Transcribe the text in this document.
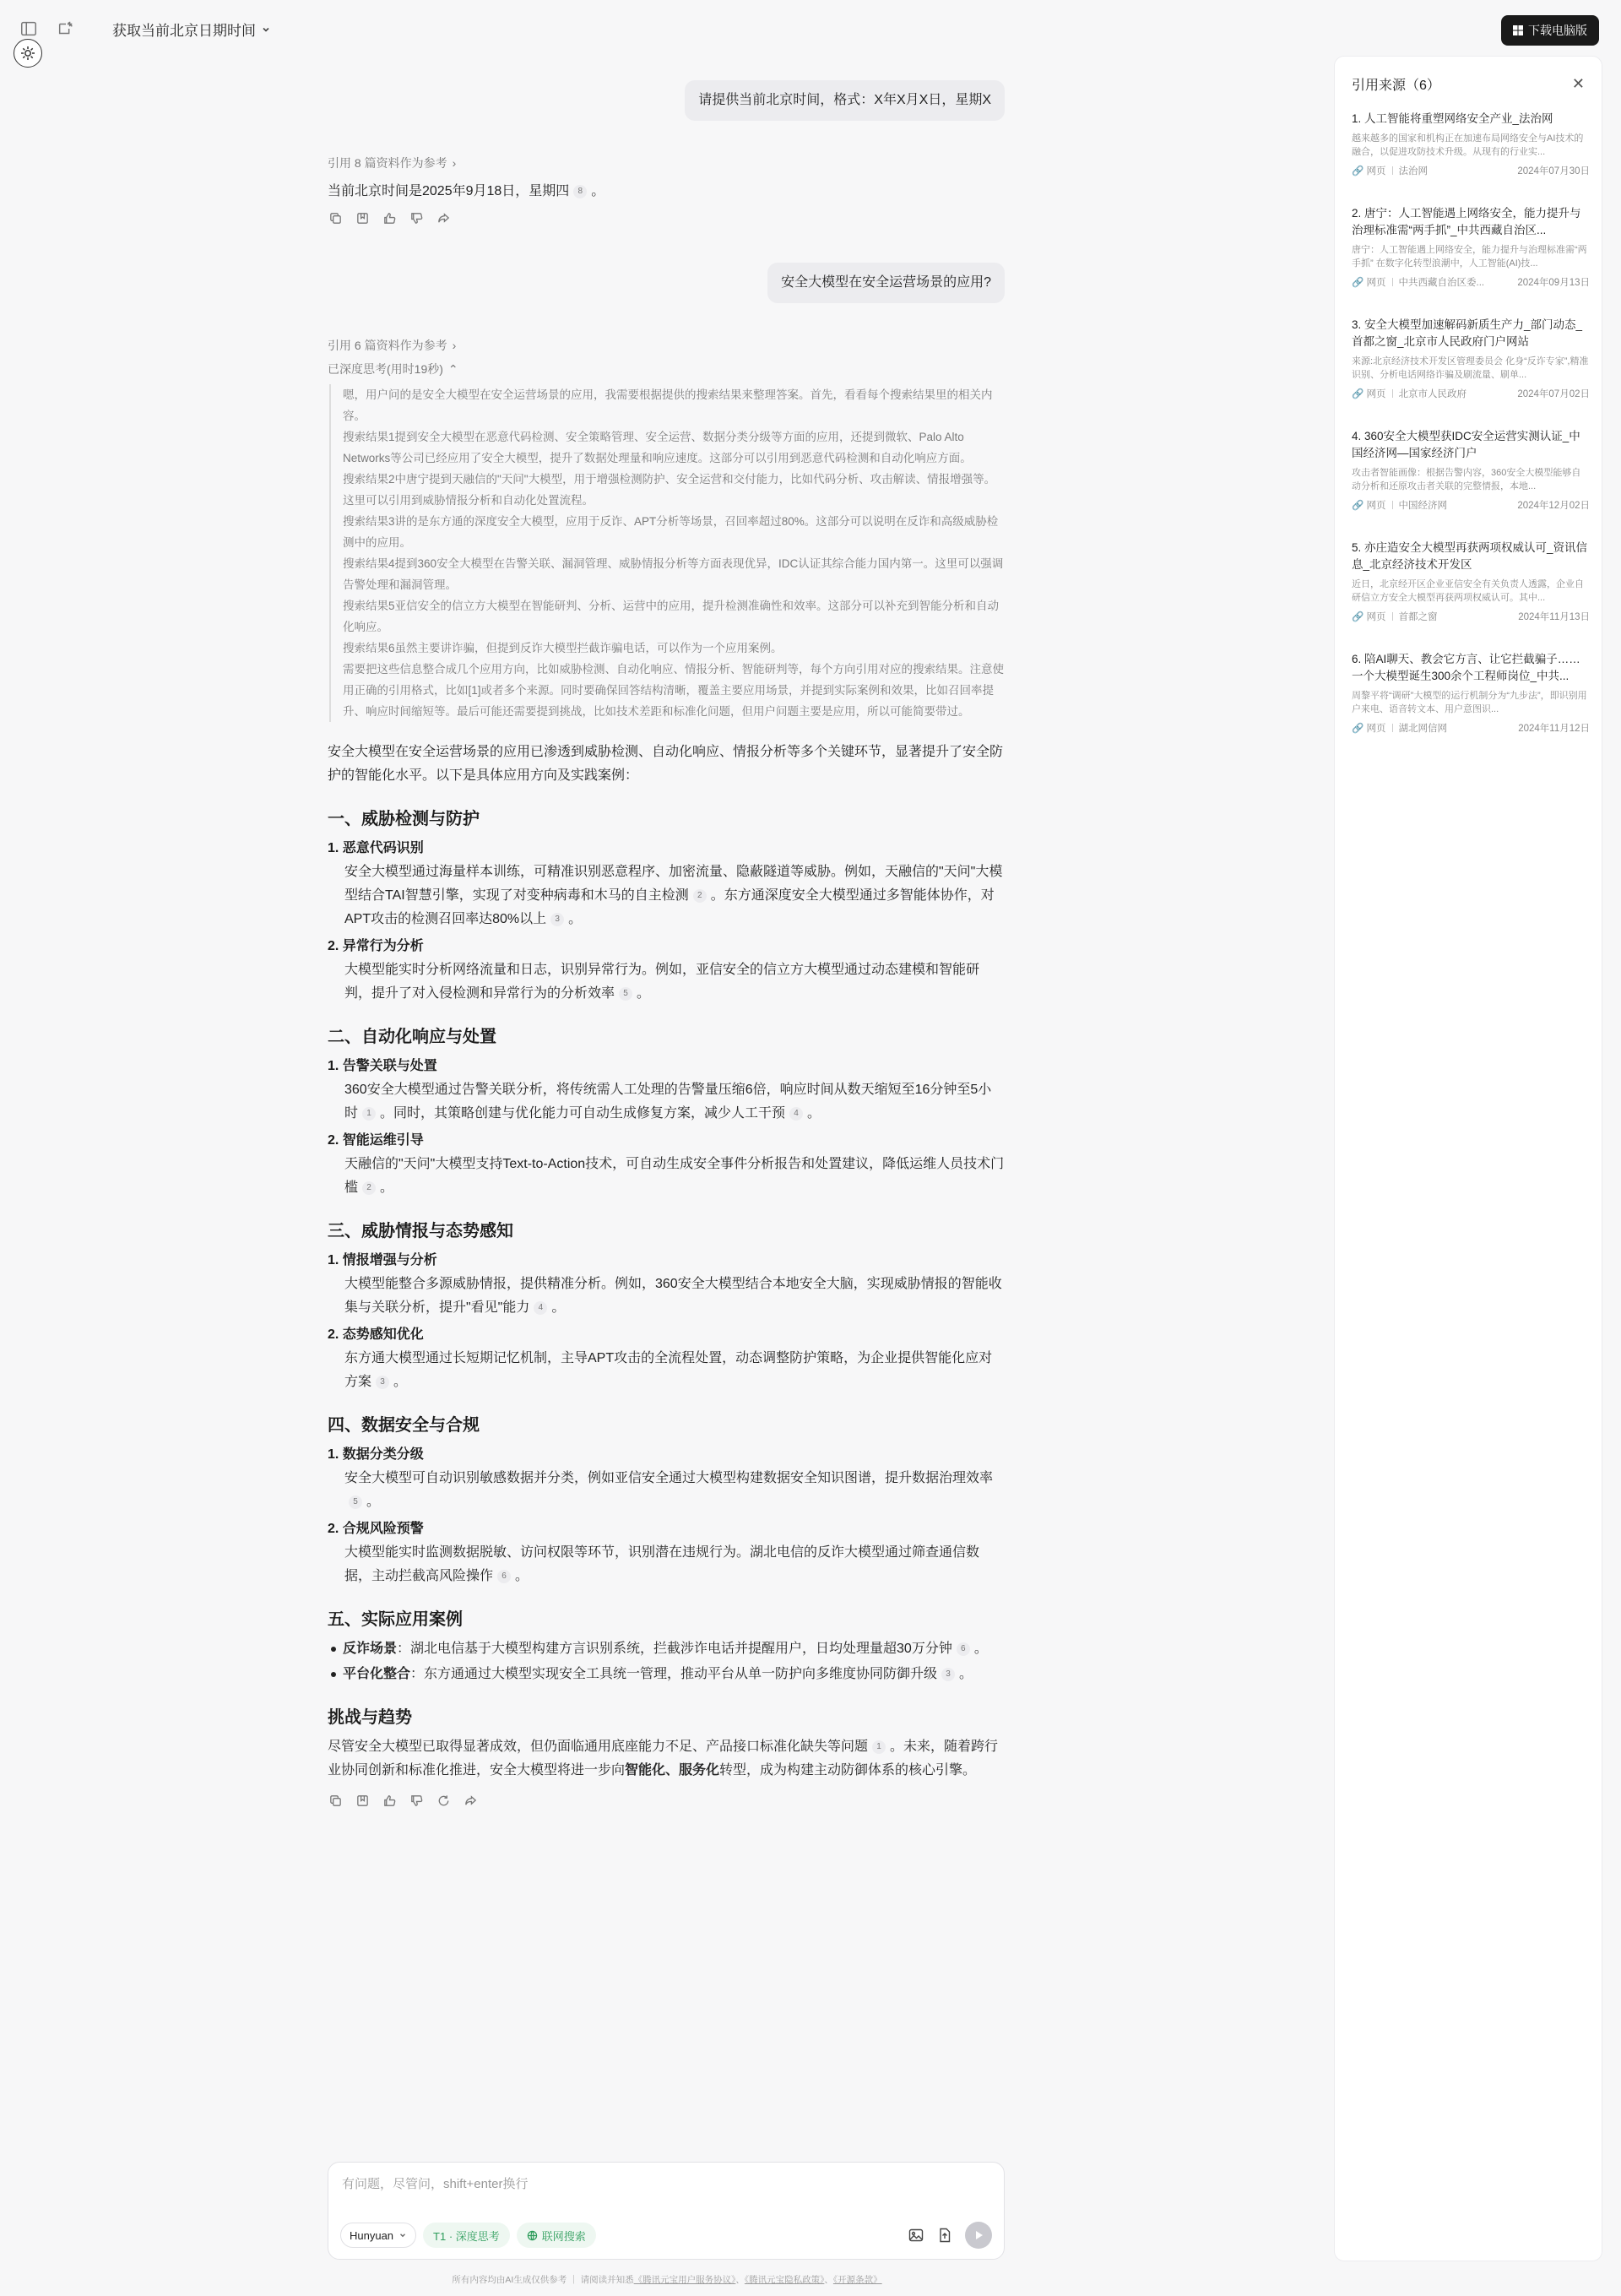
获取当前北京日期时间	下载电脑版
请提供当前北京时间，格式：X年X月X日，星期X
引用 8 篇资料作为参考 ›

当前北京时间是2025年9月18日，星期四 8 。

安全大模型在安全运营场景的应用?
引用 6 篇资料作为参考 ›
已深度思考(用时19秒) ⌃

嗯，用户问的是安全大模型在安全运营场景的应用，我需要根据提供的搜索结果来整理答案。首先，看看每个搜索结果里的相关内容。

搜索结果1提到安全大模型在恶意代码检测、安全策略管理、安全运营、数据分类分级等方面的应用，还提到微软、Palo Alto Networks等公司已经应用了安全大模型，提升了数据处理量和响应速度。这部分可以引用到恶意代码检测和自动化响应方面。

搜索结果2中唐宁提到天融信的"天问"大模型，用于增强检测防护、安全运营和交付能力，比如代码分析、攻击解读、情报增强等。这里可以引用到威胁情报分析和自动化处置流程。

搜索结果3讲的是东方通的深度安全大模型，应用于反诈、APT分析等场景，召回率超过80%。这部分可以说明在反诈和高级威胁检测中的应用。

搜索结果4提到360安全大模型在告警关联、漏洞管理、威胁情报分析等方面表现优异，IDC认证其综合能力国内第一。这里可以强调告警处理和漏洞管理。

搜索结果5亚信安全的信立方大模型在智能研判、分析、运营中的应用，提升检测准确性和效率。这部分可以补充到智能分析和自动化响应。

搜索结果6虽然主要讲诈骗，但提到反诈大模型拦截诈骗电话，可以作为一个应用案例。

需要把这些信息整合成几个应用方向，比如威胁检测、自动化响应、情报分析、智能研判等，每个方向引用对应的搜索结果。注意使用正确的引用格式，比如[1]或者多个来源。同时要确保回答结构清晰，覆盖主要应用场景，并提到实际案例和效果，比如召回率提升、响应时间缩短等。最后可能还需要提到挑战，比如技术差距和标准化问题，但用户问题主要是应用，所以可能简要带过。

安全大模型在安全运营场景的应用已渗透到威胁检测、自动化响应、情报分析等多个关键环节，显著提升了安全防护的智能化水平。以下是具体应用方向及实践案例：

一、威胁检测与防护
1. 恶意代码识别
安全大模型通过海量样本训练，可精准识别恶意程序、加密流量、隐蔽隧道等威胁。例如，天融信的"天问"大模型结合TAI智慧引擎，实现了对变种病毒和木马的自主检测 2 。东方通深度安全大模型通过多智能体协作，对APT攻击的检测召回率达80%以上 3 。
2. 异常行为分析
大模型能实时分析网络流量和日志，识别异常行为。例如，亚信安全的信立方大模型通过动态建模和智能研判，提升了对入侵检测和异常行为的分析效率 5 。
二、自动化响应与处置
1. 告警关联与处置
360安全大模型通过告警关联分析，将传统需人工处理的告警量压缩6倍，响应时间从数天缩短至16分钟至5小时 1 。同时，其策略创建与优化能力可自动生成修复方案，减少人工干预 4 。
2. 智能运维引导
天融信的"天问"大模型支持Text-to-Action技术，可自动生成安全事件分析报告和处置建议，降低运维人员技术门槛 2 。
三、威胁情报与态势感知
1. 情报增强与分析
大模型能整合多源威胁情报，提供精准分析。例如，360安全大模型结合本地安全大脑，实现威胁情报的智能收集与关联分析，提升"看见"能力 4 。
2. 态势感知优化
东方通大模型通过长短期记忆机制，主导APT攻击的全流程处置，动态调整防护策略，为企业提供智能化应对方案 3 。
四、数据安全与合规
1. 数据分类分级
安全大模型可自动识别敏感数据并分类，例如亚信安全通过大模型构建数据安全知识图谱，提升数据治理效率5 。
2. 合规风险预警
大模型能实时监测数据脱敏、访问权限等环节，识别潜在违规行为。湖北电信的反诈大模型通过筛查通信数据，主动拦截高风险操作 6 。
五、实际应用案例
反诈场景：湖北电信基于大模型构建方言识别系统，拦截涉诈电话并提醒用户，日均处理量超30万分钟 6 。
平台化整合：东方通通过大模型实现安全工具统一管理，推动平台从单一防护向多维度协同防御升级 3 。
挑战与趋势

尽管安全大模型已取得显著成效，但仍面临通用底座能力不足、产品接口标准化缺失等问题 1 。未来，随着跨行业协同创新和标准化推进，安全大模型将进一步向智能化、服务化转型，成为构建主动防御体系的核心引擎。

有问题，尽管问，shift+enter换行
Hunyuan	T1 · 深度思考	联网搜索
所有内容均由AI生成仅供参考 ｜ 请阅读并知悉《腾讯元宝用户服务协议》、《腾讯元宝隐私政策》、《开源条款》
引用来源（6）	✕
1. 人工智能将重塑网络安全产业_法治网
越来越多的国家和机构正在加速布局网络安全与AI技术的融合，以促进攻防技术升级。从现有的行业实...
🔗
网页 法治网	2024年07月30日
2. 唐宁：人工智能遇上网络安全，能力提升与治理标准需“两手抓”_中共西藏自治区...
唐宁：人工智能遇上网络安全，能力提升与治理标准需“两手抓” 在数字化转型浪潮中，人工智能(AI)技...
🔗
网页 中共西藏自治区委...	2024年09月13日
3. 安全大模型加速解码新质生产力_部门动态_首都之窗_北京市人民政府门户网站
来源:北京经济技术开发区管理委员会 化身“反诈专家”,精准识别、分析电话网络诈骗及刷流量、刷单...
🔗
网页 北京市人民政府	2024年07月02日
4. 360安全大模型获IDC安全运营实测认证_中国经济网—国家经济门户
攻击者智能画像：根据告警内容，360安全大模型能够自动分析和还原攻击者关联的完整情报，本地...
🔗
网页 中国经济网	2024年12月02日
5. 亦庄造安全大模型再获两项权威认可_资讯信息_北京经济技术开发区
近日，北京经开区企业亚信安全有关负责人透露，企业自研信立方安全大模型再获两项权威认可。其中...
🔗
网页 首都之窗	2024年11月13日
6. 陪AI聊天、教会它方言、让它拦截骗子……一个大模型诞生300余个工程师岗位_中共...
周黎平将“调研”大模型的运行机制分为“九步法”，即识别用户来电、语音转文本、用户意图识...
🔗
网页 湖北网信网	2024年11月12日
